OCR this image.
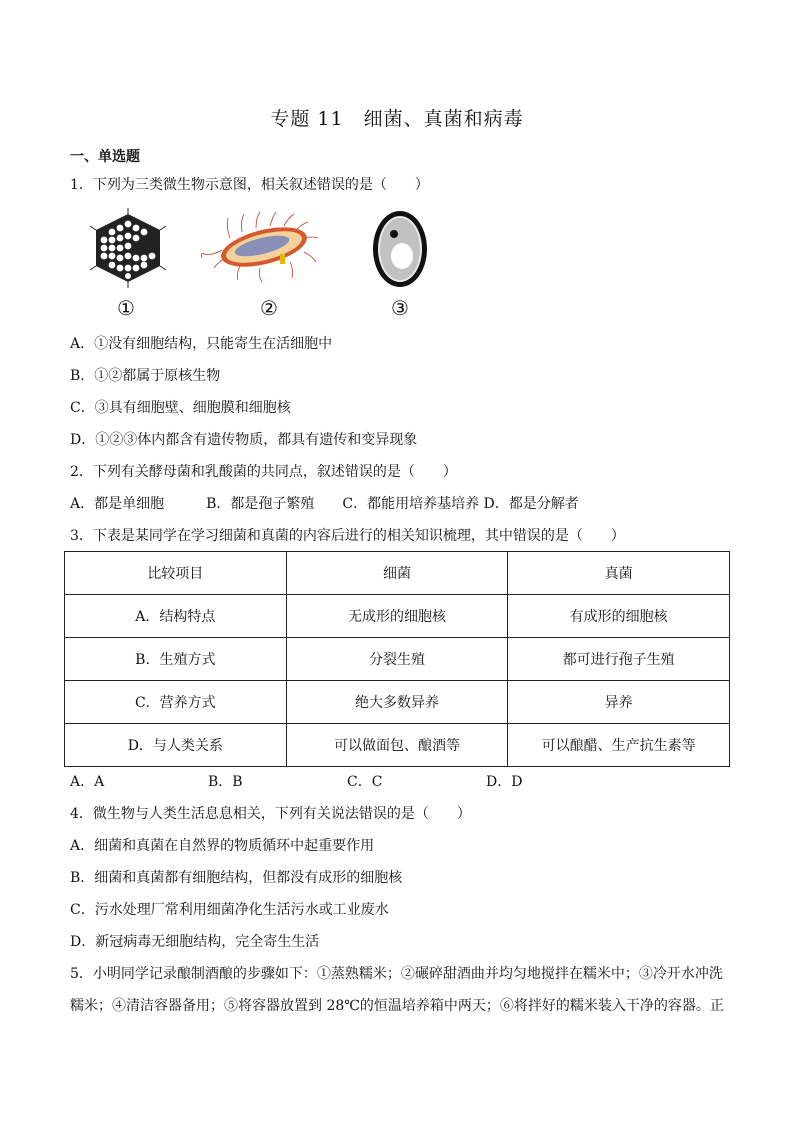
专题 11　细菌、真菌和病毒
一、单选题
1．下列为三类微生物示意图，相关叙述错误的是（　　）
①	②	③
A．①没有细胞结构，只能寄生在活细胞中
B．①②都属于原核生物
C．③具有细胞壁、细胞膜和细胞核
D．①②③体内都含有遗传物质，都具有遗传和变异现象
2．下列有关酵母菌和乳酸菌的共同点，叙述错误的是（　　）
A．都是单细胞　　　B．都是孢子繁殖　　C．都能用培养基培养 D．都是分解者
3．下表是某同学在学习细菌和真菌的内容后进行的相关知识梳理，其中错误的是（　　）
比较项目	细菌	真菌
A．结构特点	无成形的细胞核	有成形的细胞核
B．生殖方式	分裂生殖	都可进行孢子生殖
C．营养方式	绝大多数异养	异养
D．与人类关系	可以做面包、酿酒等	可以酿醋、生产抗生素等
A．A	B．B	C．C	D．D
4．微生物与人类生活息息相关，下列有关说法错误的是（　　）
A．细菌和真菌在自然界的物质循环中起重要作用
B．细菌和真菌都有细胞结构，但都没有成形的细胞核
C．污水处理厂常利用细菌净化生活污水或工业废水
D．新冠病毒无细胞结构，完全寄生生活
5．小明同学记录酿制酒酿的步骤如下：①蒸熟糯米；②碾碎甜酒曲并均匀地搅拌在糯米中；③冷开水冲洗
糯米；④清洁容器备用；⑤将容器放置到 28℃的恒温培养箱中两天；⑥将拌好的糯米装入干净的容器。正
